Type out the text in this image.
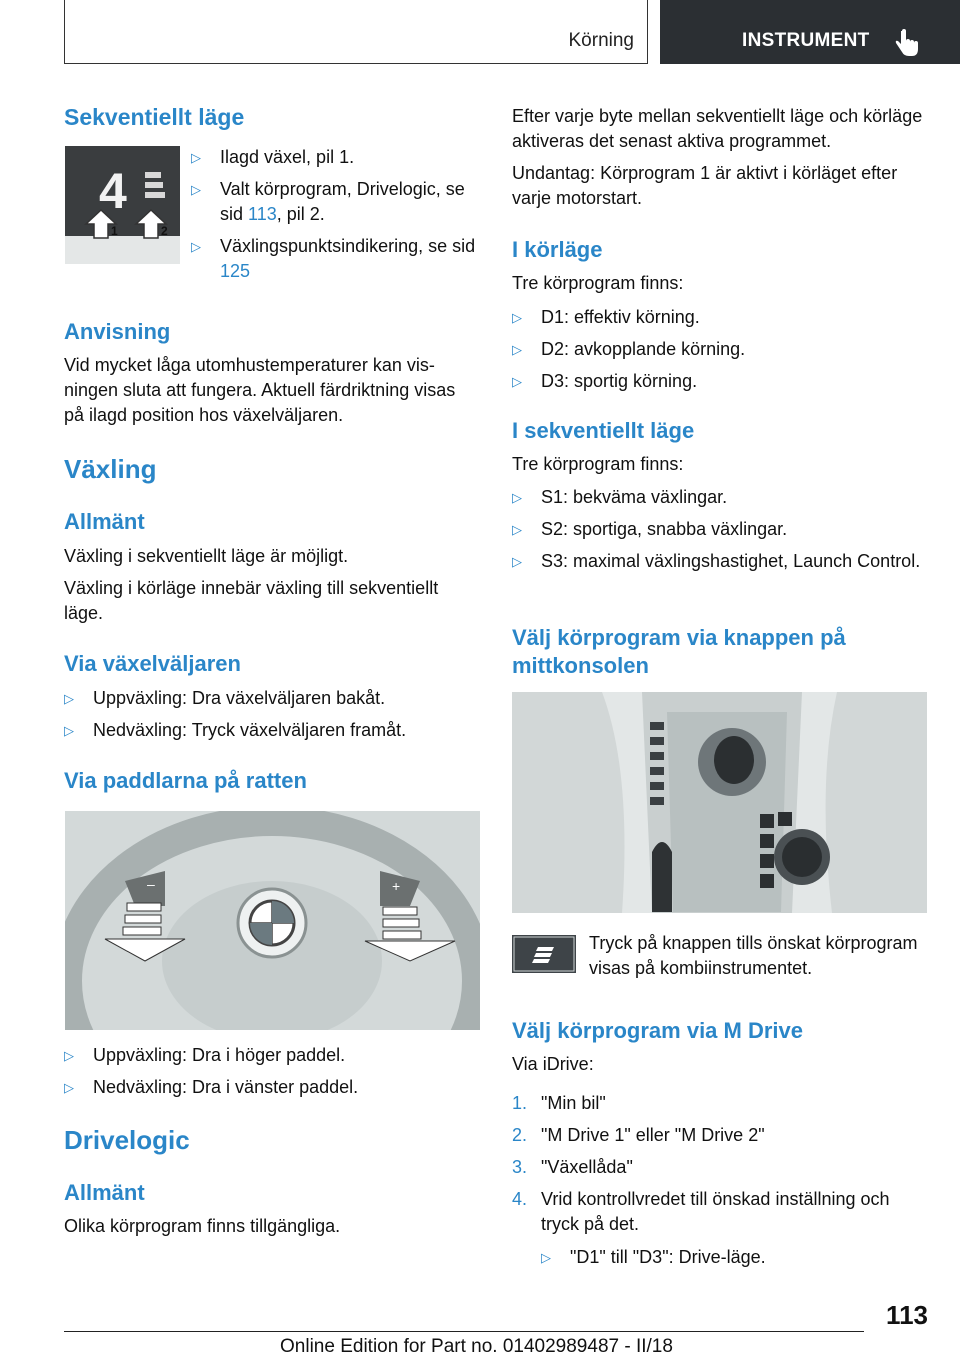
Körning	INSTRUMENT
Sekventiellt läge
4
1	2
▷ Ilagd växel, pil 1.
▷ Valt körprogram, Drivelogic, se sid 113, pil 2.
▷ Växlingspunktsindikering, se sid 125
Anvisning
Vid mycket låga utomhustemperaturer kan visningen sluta att fungera. Aktuell färdriktning visas på ilagd position hos växelväljaren.
Växling
Allmänt
Växling i sekventiellt läge är möjligt.
Växling i körläge innebär växling till sekventiellt läge.
Via växelväljaren
▷ Uppväxling: Dra växelväljaren bakåt.
▷ Nedväxling: Tryck växelväljaren framåt.
Via paddlarna på ratten
–	+
▷ Uppväxling: Dra i höger paddel.
▷ Nedväxling: Dra i vänster paddel.
Drivelogic
Allmänt
Olika körprogram finns tillgängliga.
Efter varje byte mellan sekventiellt läge och körläge aktiveras det senast aktiva programmet.
Undantag: Körprogram 1 är aktivt i körläget efter varje motorstart.
I körläge
Tre körprogram finns:
▷ D1: effektiv körning.
▷ D2: avkopplande körning.
▷ D3: sportig körning.
I sekventiellt läge
Tre körprogram finns:
▷ S1: bekväma växlingar.
▷ S2: sportiga, snabba växlingar.
▷ S3: maximal växlingshastighet, Launch Control.
Välj körprogram via knappen på mittkonsolen
Tryck på knappen tills önskat körprogram visas på kombiinstrumentet.
Välj körprogram via M Drive
Via iDrive:
1. "Min bil"
2. "M Drive 1" eller "M Drive 2"
3. "Växellåda"
4. Vrid kontrollvredet till önskad inställning och tryck på det.
▷ "D1" till "D3": Drive-läge.
113
Online Edition for Part no. 01402989487 - II/18
